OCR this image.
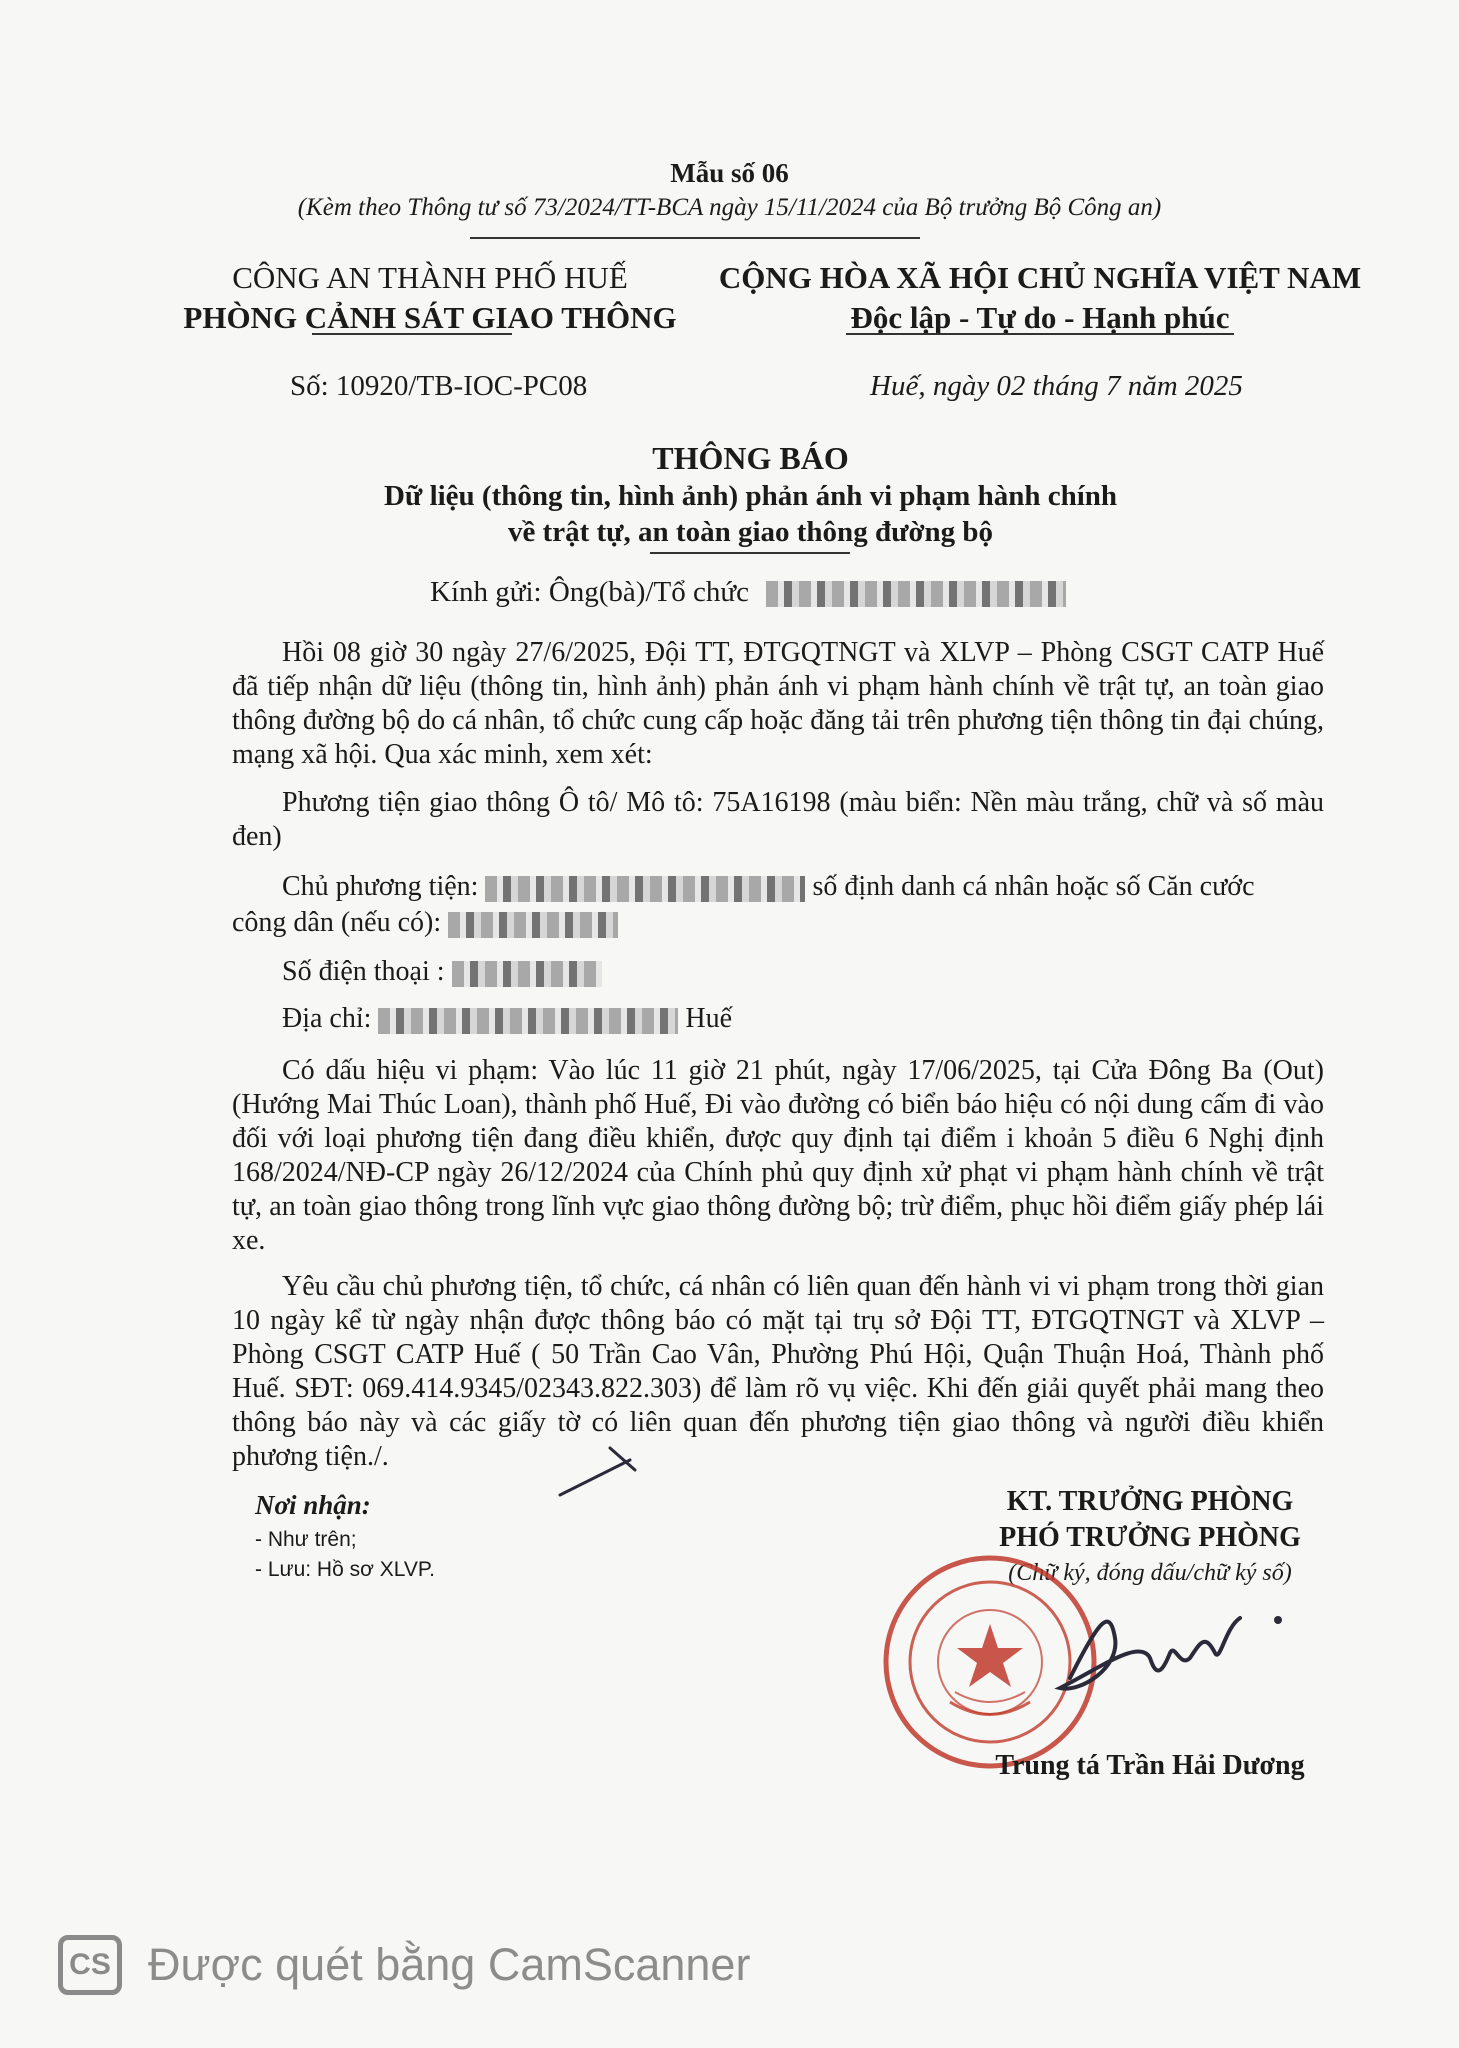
Mẫu số 06
(Kèm theo Thông tư số 73/2024/TT-BCA ngày 15/11/2024 của Bộ trưởng Bộ Công an)
CÔNG AN THÀNH PHỐ HUẾ
PHÒNG CẢNH SÁT GIAO THÔNG
CỘNG HÒA XÃ HỘI CHỦ NGHĨA VIỆT NAM
Độc lập - Tự do - Hạnh phúc
Số: 10920/TB-IOC-PC08	Huế, ngày 02 tháng 7 năm 2025
THÔNG BÁO
Dữ liệu (thông tin, hình ảnh) phản ánh vi phạm hành chính
về trật tự, an toàn giao thông đường bộ
Kính gửi: Ông(bà)/Tổ chức
Hồi 08 giờ 30 ngày 27/6/2025, Đội TT, ĐTGQTNGT và XLVP – Phòng CSGT CATP Huế đã tiếp nhận dữ liệu (thông tin, hình ảnh) phản ánh vi phạm hành chính về trật tự, an toàn giao thông đường bộ do cá nhân, tổ chức cung cấp hoặc đăng tải trên phương tiện thông tin đại chúng, mạng xã hội. Qua xác minh, xem xét:
Phương tiện giao thông Ô tô/ Mô tô: 75A16198 (màu biển: Nền màu trắng, chữ và số màu đen)
Chủ phương tiện:	số định danh cá nhân hoặc số Căn cước
công dân (nếu có):
Số điện thoại :
Địa chỉ:	Huế
Có dấu hiệu vi phạm: Vào lúc 11 giờ 21 phút, ngày 17/06/2025, tại Cửa Đông Ba (Out) (Hướng Mai Thúc Loan), thành phố Huế, Đi vào đường có biển báo hiệu có nội dung cấm đi vào đối với loại phương tiện đang điều khiển, được quy định tại điểm i khoản 5 điều 6 Nghị định 168/2024/NĐ-CP ngày 26/12/2024 của Chính phủ quy định xử phạt vi phạm hành chính về trật tự, an toàn giao thông trong lĩnh vực giao thông đường bộ; trừ điểm, phục hồi điểm giấy phép lái xe.
Yêu cầu chủ phương tiện, tổ chức, cá nhân có liên quan đến hành vi vi phạm trong thời gian 10 ngày kể từ ngày nhận được thông báo có mặt tại trụ sở Đội TT, ĐTGQTNGT và XLVP – Phòng CSGT CATP Huế ( 50 Trần Cao Vân, Phường Phú Hội, Quận Thuận Hoá, Thành phố Huế. SĐT: 069.414.9345/02343.822.303) để làm rõ vụ việc. Khi đến giải quyết phải mang theo thông báo này và các giấy tờ có liên quan đến phương tiện giao thông và người điều khiển phương tiện./.
Nơi nhận:
- Như trên;
- Lưu: Hồ sơ XLVP.
KT. TRƯỞNG PHÒNG
PHÓ TRƯỞNG PHÒNG
(Chữ ký, đóng dấu/chữ ký số)
Trung tá Trần Hải Dương
CS Được quét bằng CamScanner
